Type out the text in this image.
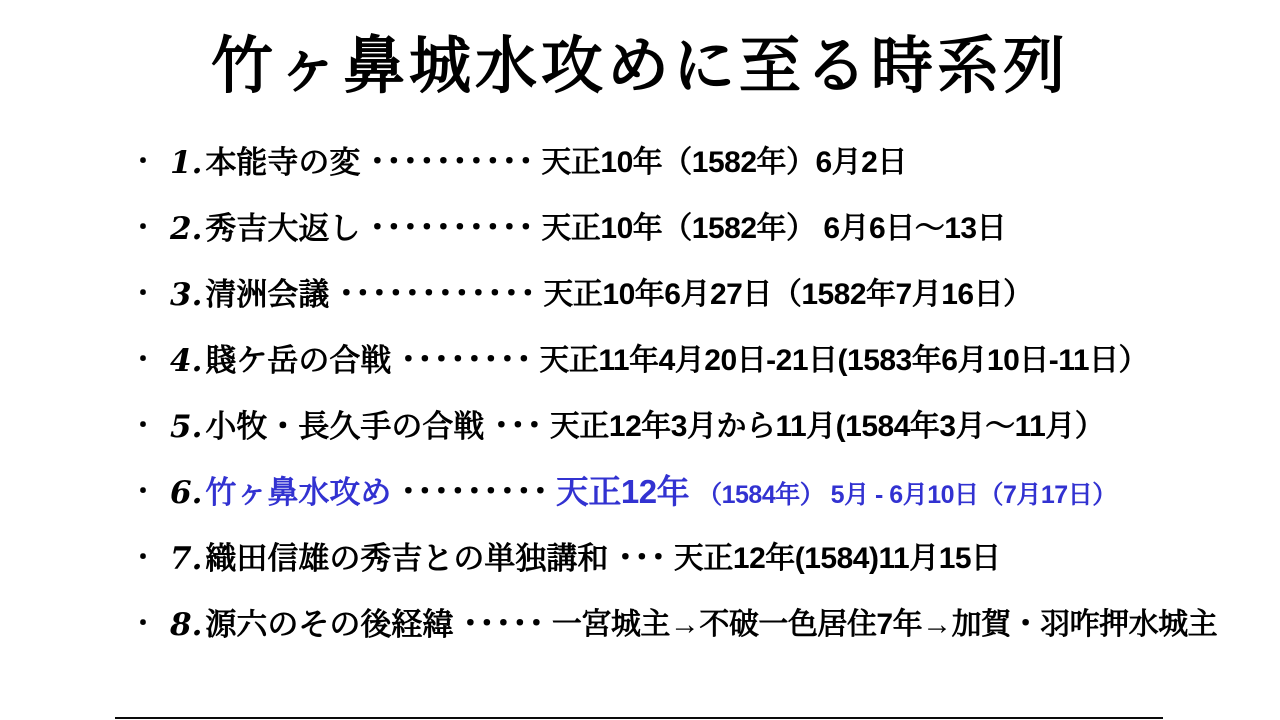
竹ヶ鼻城水攻めに至る時系列
・ 1.本能寺の変 ・・・・・・・・・・ 天正10年（1582年）6月2日
・ 2.秀吉大返し ・・・・・・・・・・ 天正10年（1582年） 6月6日〜13日
・ 3.清洲会議 ・・・・・・・・・・・・ 天正10年6月27日（1582年7月16日）
・ 4.賤ケ岳の合戦 ・・・・・・・・ 天正11年4月20日-21日(1583年6月10日-11日）
・ 5.小牧・長久手の合戦 ・・・ 天正12年3月から11月(1584年3月〜11月）
・ 6.竹ヶ鼻水攻め ・・・・・・・・・ 天正12年 （1584年） 5月 - 6月10日（7月17日）
・ 7.織田信雄の秀吉との単独講和 ・・・ 天正12年(1584)11月15日
・ 8.源六のその後経緯 ・・・・・ 一宮城主→不破一色居住7年→加賀・羽咋押水城主
